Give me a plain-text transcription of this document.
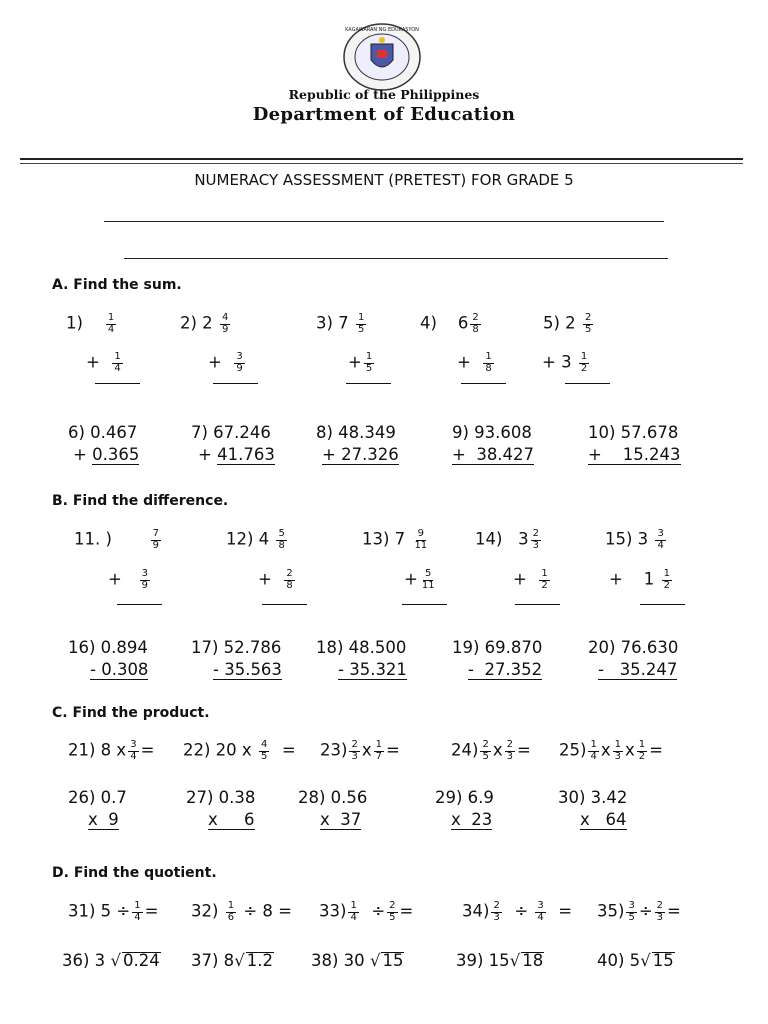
KAGAWARAN NG EDUKASYON
Republic of the Philippines
Department of Education
NUMERACY ASSESSMENT (PRETEST) FOR GRADE 5
A. Find the sum.
$1) \frac{1}{4}$
+ $\frac{1}{4}$
2) $2 \frac{4}{9}$
+ $\frac{3}{9}$
3) $7 \frac{1}{5}$
+ $\frac{1}{5}$
4) $6 \frac{2}{8}$
+ $\frac{1}{8}$
5) $2 \frac{2}{5}$
+ $3 \frac{1}{2}$
6) 0.467
+ 0.365
7) 67.246
+ 41.763
8) 48.349
+ 27.326
9) 93.608
+  38.427
10) 57.678
+    15.243
B. Find the difference.
11. )	$\frac{7}{9}$
+ $\frac{3}{9}$
12) $4 \frac{5}{8}$
+ $\frac{2}{8}$
13) $7 \frac{9}{11}$
+ $\frac{5}{11}$
14)   $3 \frac{2}{3}$
+ $\frac{1}{2}$
15) $3 \frac{3}{4}$
+    $1 \frac{1}{2}$
16) 0.894
- 0.308
17) 52.786
- 35.563
18) 48.500
- 35.321
19) 69.870
-  27.352
20) 76.630
-   35.247
C. Find the product.
21) 8 x $\frac{3}{4} = 22$) 20 x $\frac{4}{5} = 23) \frac{2}{3}$ x $\frac{1}{7}$ =	$24) \frac{2}{5}$ x $\frac{2}{3} = 25) \frac{1}{4}$ x $\frac{1}{3}$ x $\frac{1}{2}$ =
26) 0.7
x  9
27) 0.38
x     6
28) 0.56
x  37
29) 6.9
x  23
30) 3.42
x   64
D. Find the quotient.
31) $5 \div \frac{1}{4} = 32) \frac{1}{6} \div 8 = 33) \frac{1}{4} \div \frac{2}{5}$ =	$34) \frac{2}{3} \div \frac{3}{4} = 35) \frac{3}{5} \div \frac{2}{3}$ =
36) 3 √ 0.24 37) 8√ 1.2 38) 30 √ 15	39) 15√ 18	40) 5√ 15
